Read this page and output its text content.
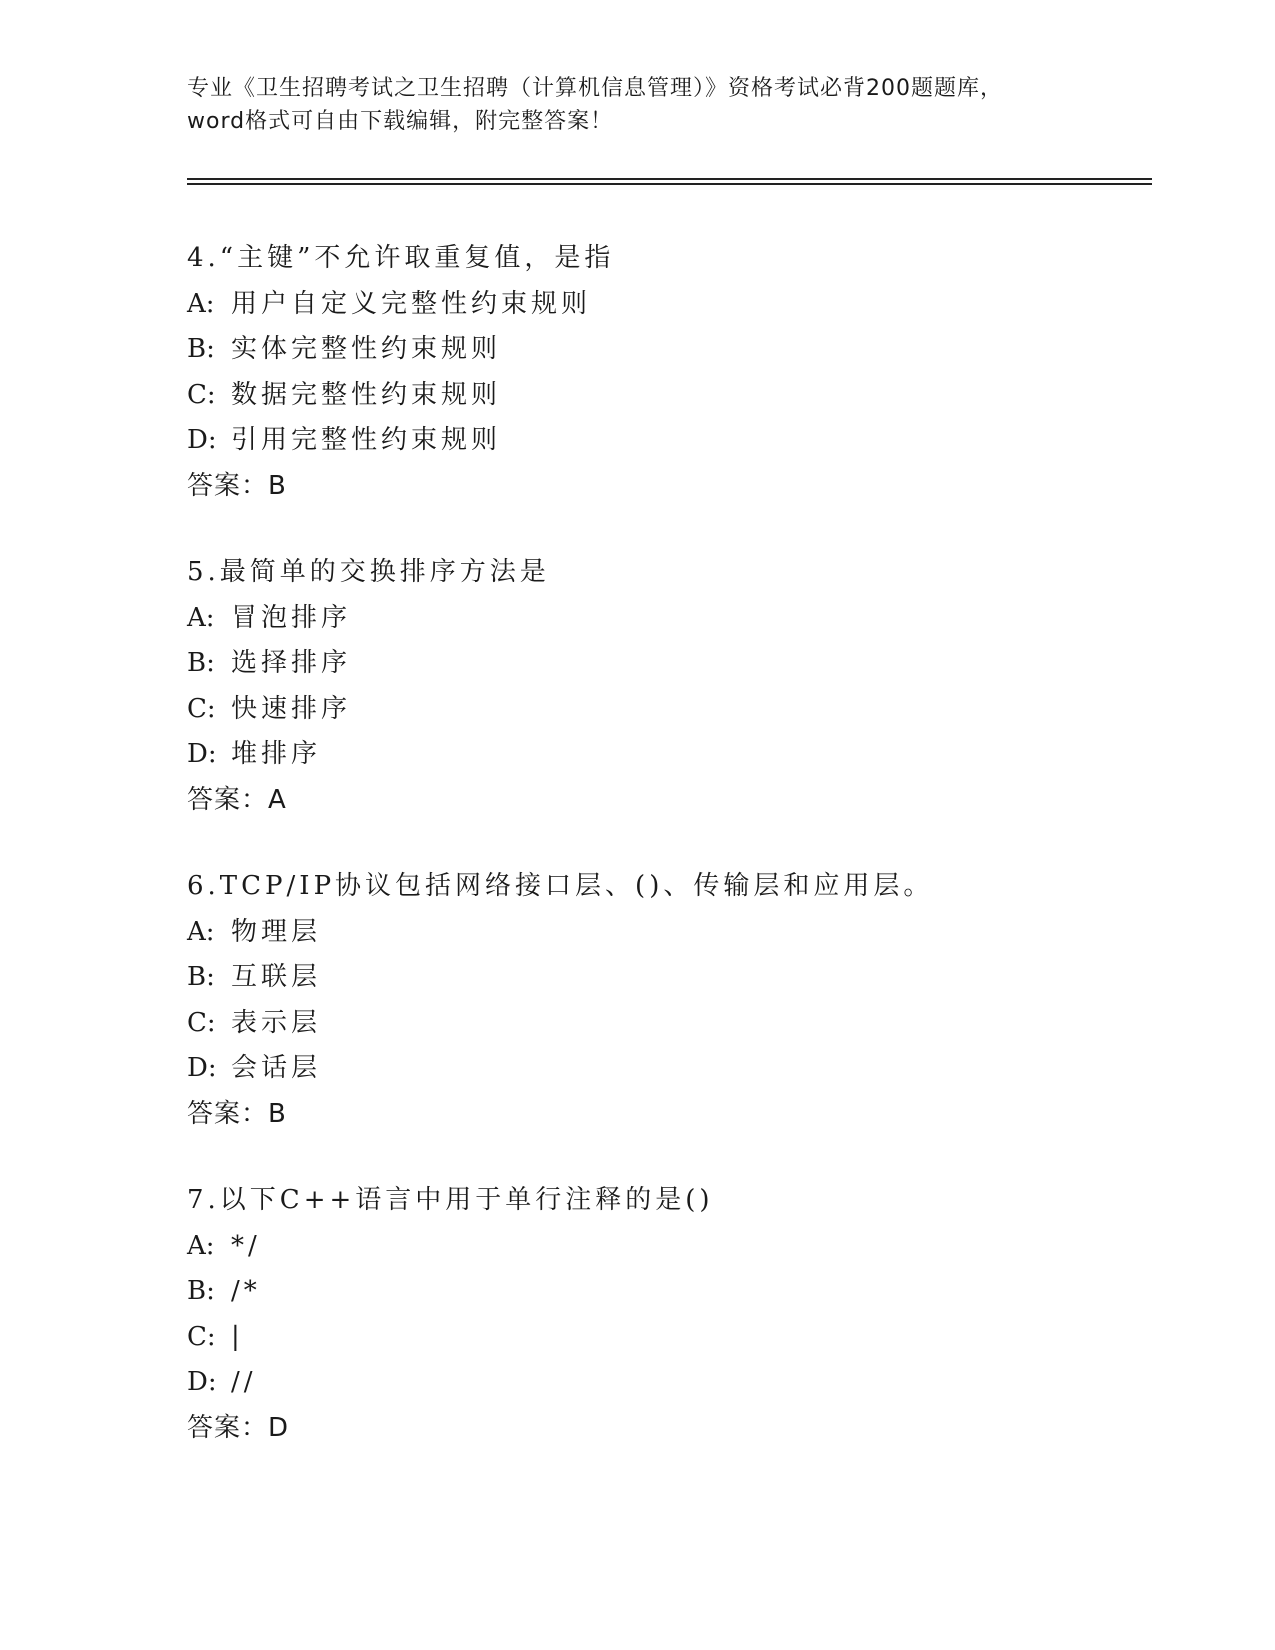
专业《卫生招聘考试之卫生招聘（计算机信息管理）》资格考试必背200题题库，
word格式可自由下载编辑，附完整答案！
4.“主键”不允许取重复值，是指
A: 用户自定义完整性约束规则
B: 实体完整性约束规则
C: 数据完整性约束规则
D: 引用完整性约束规则
答案：B
5.最简单的交换排序方法是
A: 冒泡排序
B: 选择排序
C: 快速排序
D: 堆排序
答案：A
6.TCP/IP协议包括网络接口层、()、传输层和应用层。
A: 物理层
B: 互联层
C: 表示层
D: 会话层
答案：B
7.以下C++语言中用于单行注释的是()
A: */
B: /*
C: |
D: //
答案：D
